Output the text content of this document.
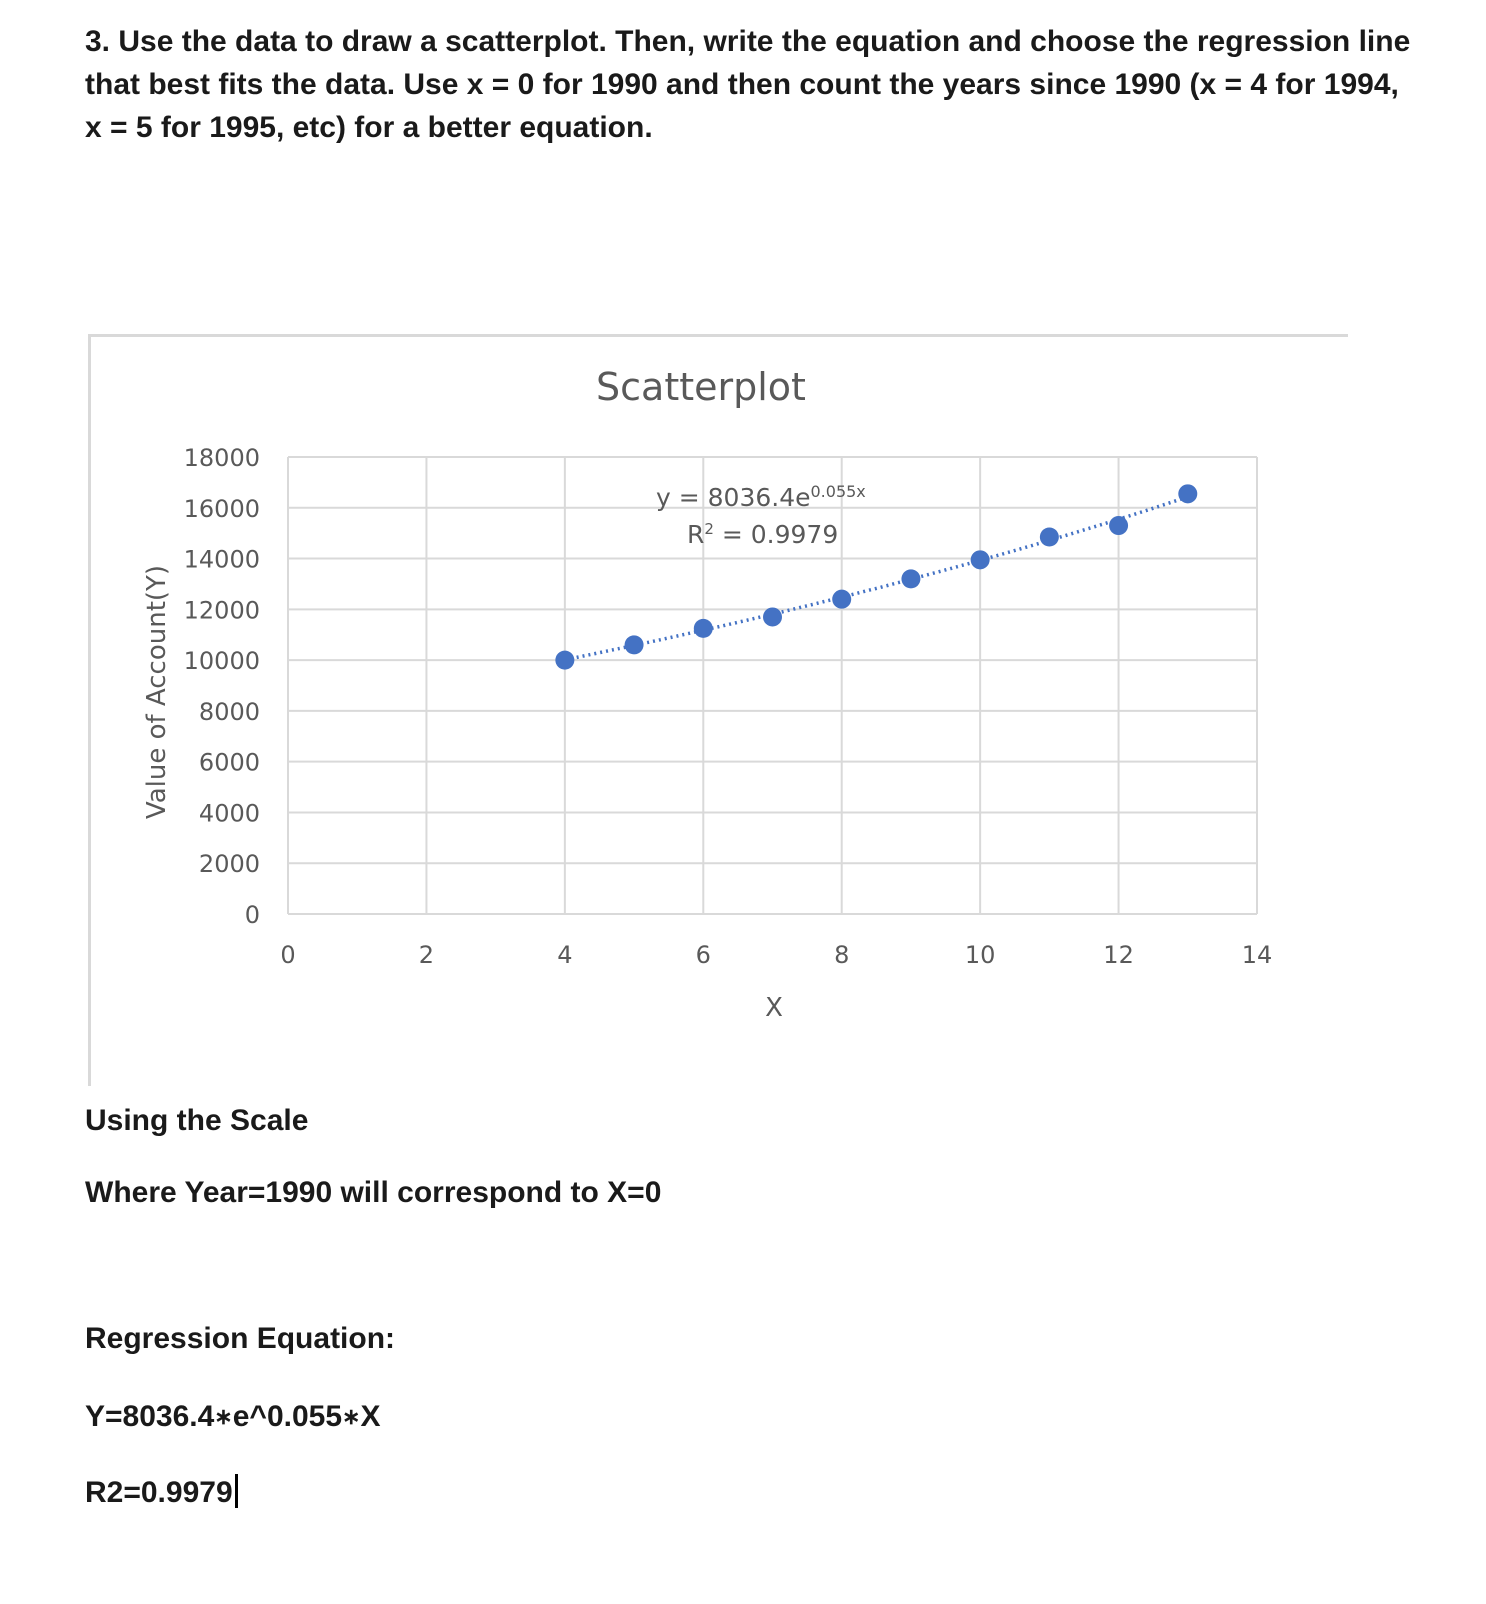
3. Use the data to draw a scatterplot. Then, write the equation and choose the regression line that best fits the data. Use x = 0 for 1990 and then count the years since 1990 (x = 4 for 1994, x = 5 for 1995, etc) for a better equation.
Scatterplot
Value of Account(Y)
X
0
2000
4000
6000
8000
10000
12000
14000
16000
18000
0	2	4	6	8	10	12	14
$y = 8036.4e^{0.055x}$
$R^2 = 0.9979$
Using the Scale
Where Year=1990 will correspond to X=0
Regression Equation:
Y=8036.4∗e^0.055∗X
R2=0.9979
